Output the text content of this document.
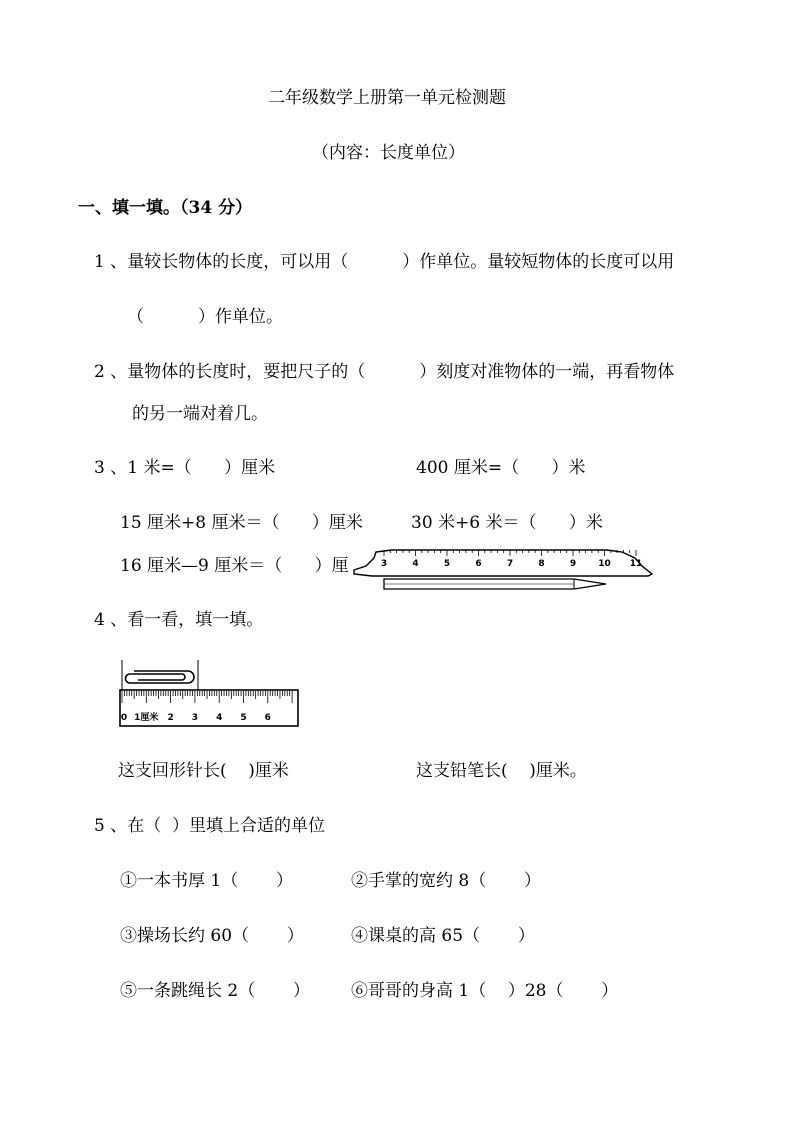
二年级数学上册第一单元检测题
（内容：长度单位）
一、填一填。（34 分）
1 、量较长物体的长度，可以用（          ）作单位。量较短物体的长度可以用
（          ）作单位。
2 、量物体的长度时，要把尺子的（          ）刻度对准物体的一端，再看物体
的另一端对着几。
3 、1 米=（      ）厘米	400 厘米=（      ）米
15 厘米+8 厘米＝（      ）厘米	30 米+6 米＝（      ）米
16 厘米—9 厘米＝（      ）厘	3	4	5	6	7	8	9 10 11
4 、看一看，填一填。
0 1厘米 2 3 4 5 6
这支回形针长(    )厘米	这支铅笔长(    )厘米。
5 、在（  ）里填上合适的单位
①一本书厚 1（       ）	②手掌的宽约 8（       ）
③操场长约 60（       ）	④课桌的高 65（       ）
⑤一条跳绳长 2（       ） ⑥哥哥的身高 1（    ）28（       ）
